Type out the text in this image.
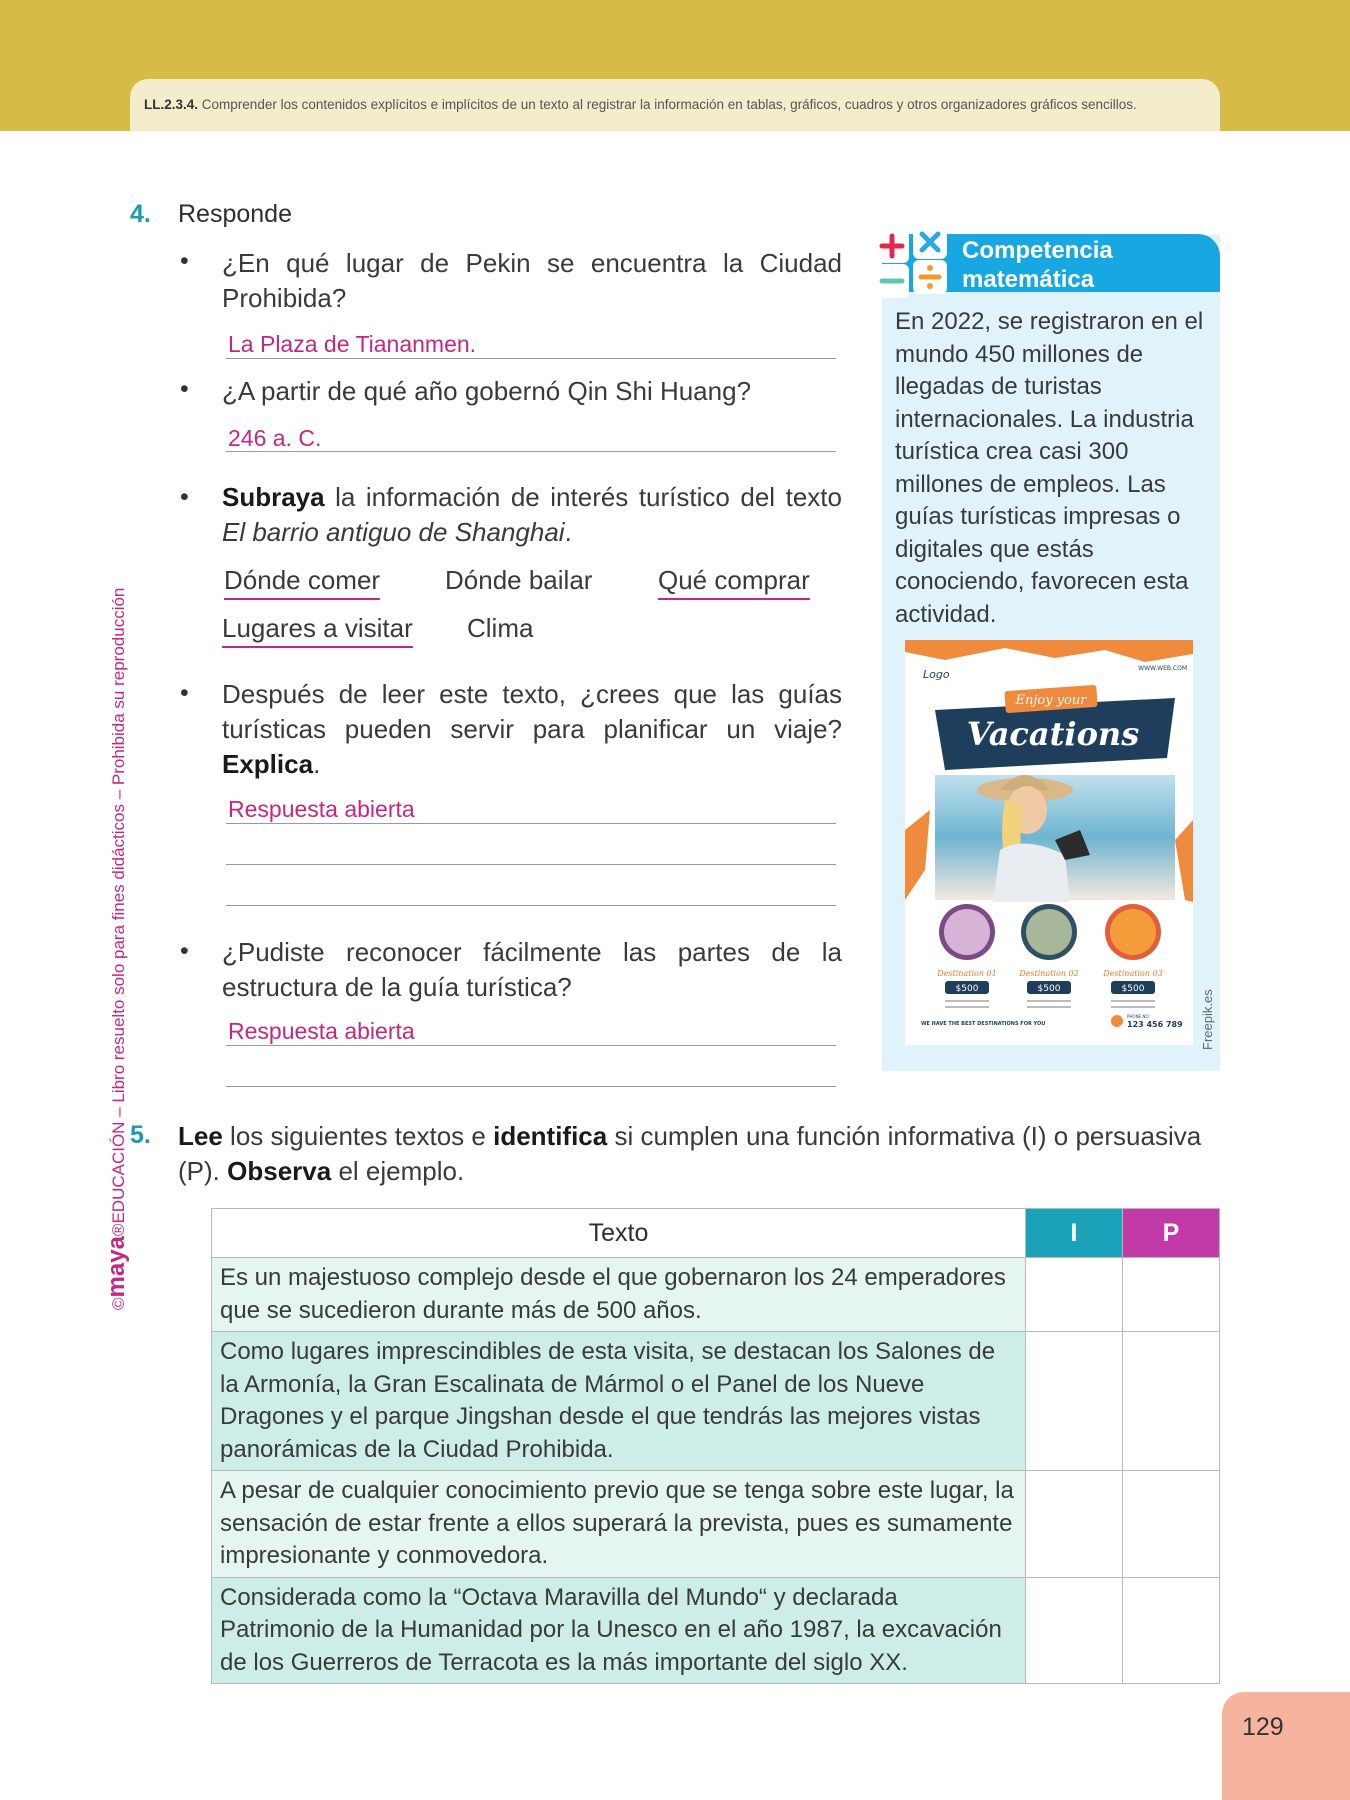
LL.2.3.4. Comprender los contenidos explícitos e implícitos de un texto al registrar la información en tablas, gráficos, cuadros y otros organizadores gráficos sencillos.
©maya®EDUCACIÓN – Libro resuelto solo para fines didácticos – Prohibida su reproducción
4. Responde
• ¿En qué lugar de Pekin se encuentra la Ciudad Prohibida?
La Plaza de Tiananmen.
• ¿A partir de qué año gobernó Qin Shi Huang?
246 a. C.
• Subraya la información de interés turístico del texto El barrio antiguo de Shanghai.
Dónde comer Dónde bailar	Qué comprar
Lugares a visitar Clima
• Después de leer este texto, ¿crees que las guías turísticas pueden servir para planificar un viaje? Explica.
Respuesta abierta
• ¿Pudiste reconocer fácilmente las partes de la estructura de la guía turística?
Respuesta abierta
Competencia
matemática
En 2022, se registraron en el mundo 450 millones de llegadas de turistas internacionales. La industria turística crea casi 300 millones de empleos. Las guías turísticas impresas o digitales que estás conociendo, favorecen esta actividad.
Enjoy your
Vacations
Logo	WWW.WEB.COM
Destination 01	Destination 02	Destination 03
$500	$500	$500
WE HAVE THE BEST DESTINATIONS FOR YOU
PHONE NO:
123 456 789 Freepik.es
5. Lee los siguientes textos e identifica si cumplen una función informativa (I) o persuasiva (P). Observa el ejemplo.
Texto	I	P
Es un majestuoso complejo desde el que gobernaron los 24 emperadores que se sucedieron durante más de 500 años.		
Como lugares imprescindibles de esta visita, se destacan los Salones de la Armonía, la Gran Escalinata de Mármol o el Panel de los Nueve Dragones y el parque Jingshan desde el que tendrás las mejores vistas panorámicas de la Ciudad Prohibida.		
A pesar de cualquier conocimiento previo que se tenga sobre este lugar, la sensación de estar frente a ellos superará la prevista, pues es sumamente impresionante y conmovedora.		
Considerada como la “Octava Maravilla del Mundo“ y declarada Patrimonio de la Humanidad por la Unesco en el año 1987, la excavación de los Guerreros de Terracota es la más importante del siglo XX.		
129
